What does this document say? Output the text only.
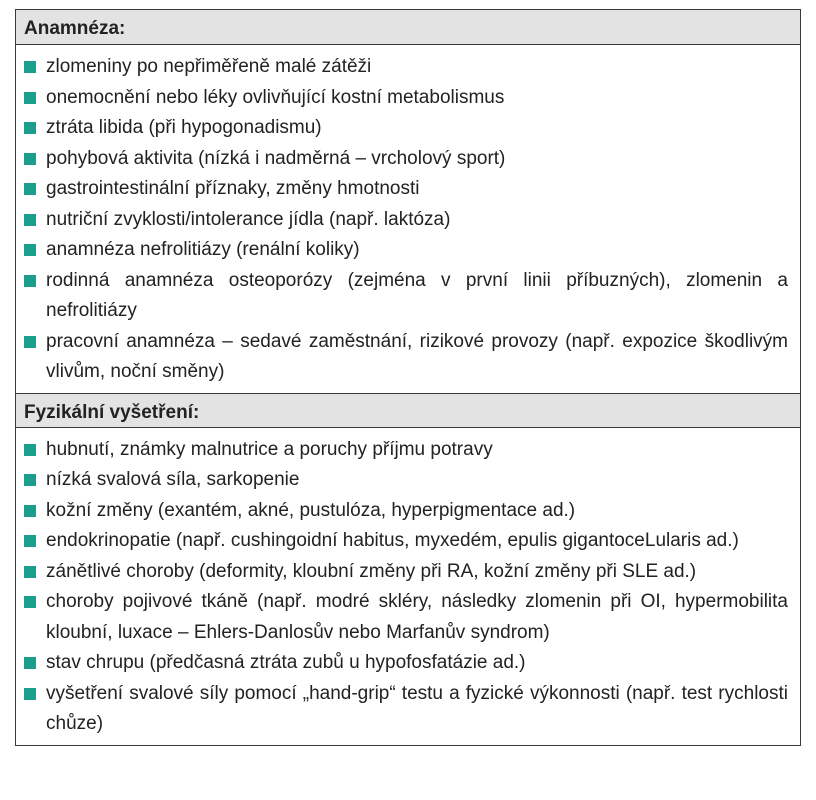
Anamnéza:
zlomeniny po nepřiměřeně malé zátěži
onemocnění nebo léky ovlivňující kostní metabolismus
ztráta libida (při hypogonadismu)
pohybová aktivita (nízká i nadměrná – vrcholový sport)
gastrointestinální příznaky, změny hmotnosti
nutriční zvyklosti/intolerance jídla (např. laktóza)
anamnéza nefrolitiázy (renální koliky)
rodinná anamnéza osteoporózy (zejména v první linii příbuzných), zlomenin a nefrolitiázy
pracovní anamnéza – sedavé zaměstnání, rizikové provozy (např. expozice škodlivým vlivům, noční směny)
Fyzikální vyšetření:
hubnutí, známky malnutrice a poruchy příjmu potravy
nízká svalová síla, sarkopenie
kožní změny (exantém, akné, pustulóza, hyperpigmentace ad.)
endokrinopatie (např. cushingoidní habitus, myxedém, epulis gigantoceLularis ad.)
zánětlivé choroby (deformity, kloubní změny při RA, kožní změny při SLE ad.)
choroby pojivové tkáně (např. modré skléry, následky zlomenin při OI, hypermobilita kloubní, luxace – Ehlers-Danlosův nebo Marfanův syndrom)
stav chrupu (předčasná ztráta zubů u hypofosfatázie ad.)
vyšetření svalové síly pomocí „hand-grip“ testu a fyzické výkonnosti (např. test rychlosti chůze)
